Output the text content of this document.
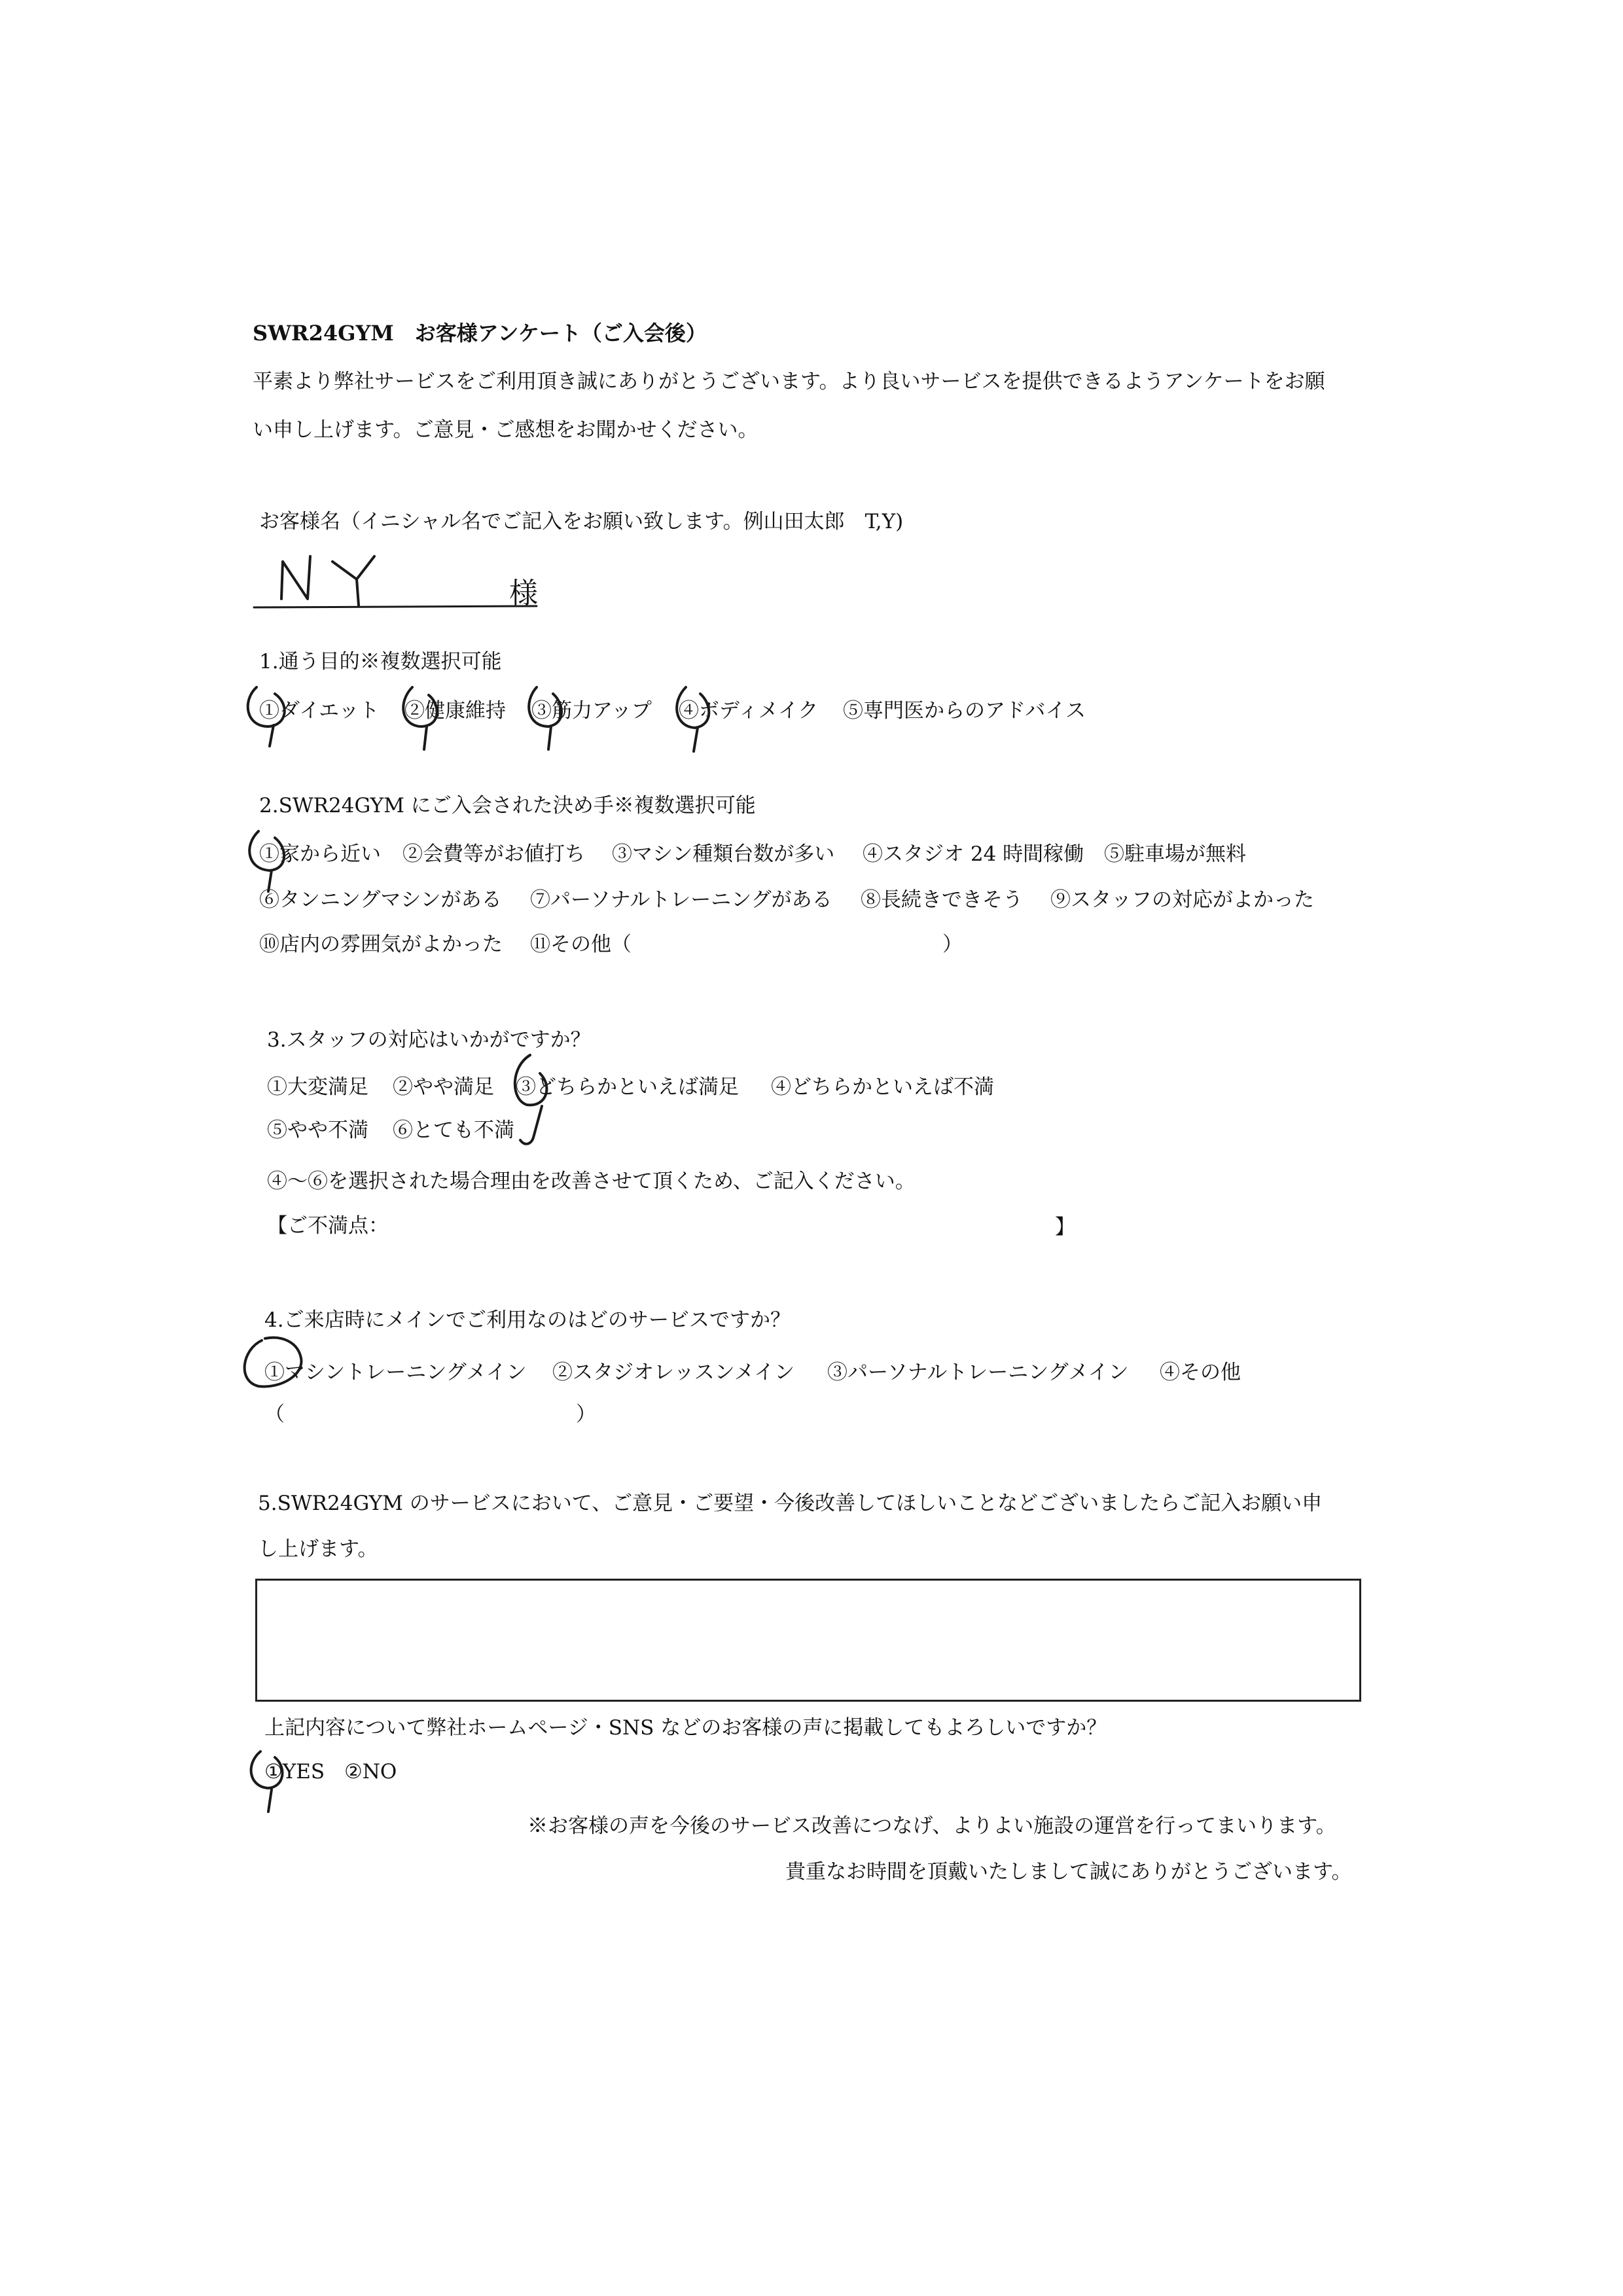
SWR24GYM　お客様アンケート（ご入会後）
平素より弊社サービスをご利用頂き誠にありがとうございます。より良いサービスを提供できるようアンケートをお願
い申し上げます。ご意見・ご感想をお聞かせください。
お客様名（イニシャル名でご記入をお願い致します。例山田太郎　T,Y)
様
1.通う目的※複数選択可能
①ダイエット ②健康維持 ③筋力アップ ④ボディメイク ⑤専門医からのアドバイス
2.SWR24GYM にご入会された決め手※複数選択可能
①家から近い ②会費等がお値打ち ③マシン種類台数が多い ④スタジオ 24 時間稼働 ⑤駐車場が無料
⑥タンニングマシンがある ⑦パーソナルトレーニングがある ⑧長続きできそう ⑨スタッフの対応がよかった
⑩店内の雰囲気がよかった ⑪その他（	）
3.スタッフの対応はいかがですか？
①大変満足 ②やや満足 ③どちらかといえば満足 ④どちらかといえば不満
⑤やや不満 ⑥とても不満
④～⑥を選択された場合理由を改善させて頂くため、ご記入ください。
【ご不満点：	】
4.ご来店時にメインでご利用なのはどのサービスですか？
①マシントレーニングメイン ②スタジオレッスンメイン ③パーソナルトレーニングメイン ④その他
（	）
5.SWR24GYM のサービスにおいて、ご意見・ご要望・今後改善してほしいことなどございましたらご記入お願い申
し上げます。
上記内容について弊社ホームページ・SNS などのお客様の声に掲載してもよろしいですか？
①YES ②NO
※お客様の声を今後のサービス改善につなげ、よりよい施設の運営を行ってまいります。
貴重なお時間を頂戴いたしまして誠にありがとうございます。
